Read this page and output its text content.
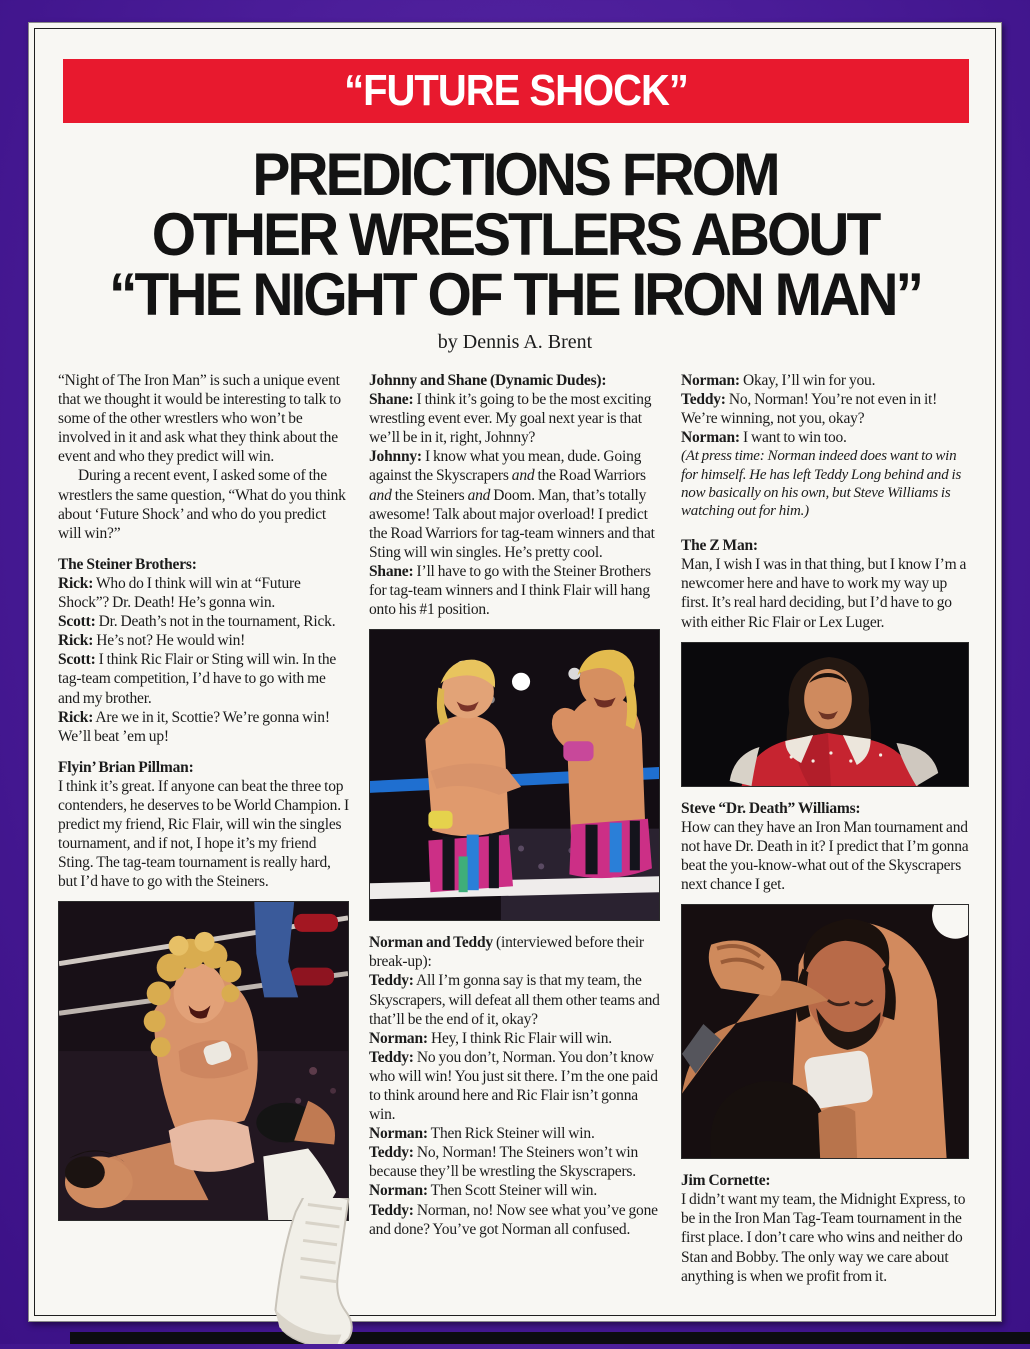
“FUTURE SHOCK”
PREDICTIONS FROM
OTHER WRESTLERS ABOUT
“THE NIGHT OF THE IRON MAN”
by Dennis A. Brent

“Night of The Iron Man” is such a unique event that we thought it would be interesting to talk to some of the other wrestlers who won’t be involved in it and ask what they think about the event and who they predict will win.

During a recent event, I asked some of the wrestlers the same question, “What do you think about ‘Future Shock’ and who do you predict will win?”

The Steiner Brothers:

Rick: Who do I think will win at “Future Shock”? Dr. Death! He’s gonna win.

Scott: Dr. Death’s not in the tournament, Rick.

Rick: He’s not? He would win!

Scott: I think Ric Flair or Sting will win. In the tag-team competition, I’d have to go with me and my brother.

Rick: Are we in it, Scottie? We’re gonna win! We’ll beat ’em up!

Flyin’ Brian Pillman:

I think it’s great. If anyone can beat the three top contenders, he deserves to be World Champion. I predict my friend, Ric Flair, will win the singles tournament, and if not, I hope it’s my friend Sting. The tag-team tournament is really hard, but I’d have to go with the Steiners.

Johnny and Shane (Dynamic Dudes):

Shane: I think it’s going to be the most exciting wrestling event ever. My goal next year is that we’ll be in it, right, Johnny?

Johnny: I know what you mean, dude. Going against the Skyscrapers and the Road Warriors and the Steiners and Doom. Man, that’s totally awesome! Talk about major overload! I predict the Road Warriors for tag-team winners and that Sting will win singles. He’s pretty cool.

Shane: I’ll have to go with the Steiner Brothers for tag-team winners and I think Flair will hang onto his #1 position.

Norman and Teddy (interviewed before their break-up):

Teddy: All I’m gonna say is that my team, the Skyscrapers, will defeat all them other teams and that’ll be the end of it, okay?

Norman: Hey, I think Ric Flair will win.

Teddy: No you don’t, Norman. You don’t know who will win! You just sit there. I’m the one paid to think around here and Ric Flair isn’t gonna win.

Norman: Then Rick Steiner will win.

Teddy: No, Norman! The Steiners won’t win because they’ll be wrestling the Skyscrapers.

Norman: Then Scott Steiner will win.

Teddy: Norman, no! Now see what you’ve gone and done? You’ve got Norman all confused.

Norman: Okay, I’ll win for you.

Teddy: No, Norman! You’re not even in it! We’re winning, not you, okay?

Norman: I want to win too.

(At press time: Norman indeed does want to win for himself. He has left Teddy Long behind and is now basically on his own, but Steve Williams is watching out for him.)

The Z Man:

Man, I wish I was in that thing, but I know I’m a newcomer here and have to work my way up first. It’s real hard deciding, but I’d have to go with either Ric Flair or Lex Luger.

Steve “Dr. Death” Williams:

How can they have an Iron Man tournament and not have Dr. Death in it? I predict that I’m gonna beat the you-know-what out of the Skyscrapers next chance I get.

Jim Cornette:

I didn’t want my team, the Midnight Express, to be in the Iron Man Tag-Team tournament in the first place. I don’t care who wins and neither do Stan and Bobby. The only way we care about anything is when we profit from it.
